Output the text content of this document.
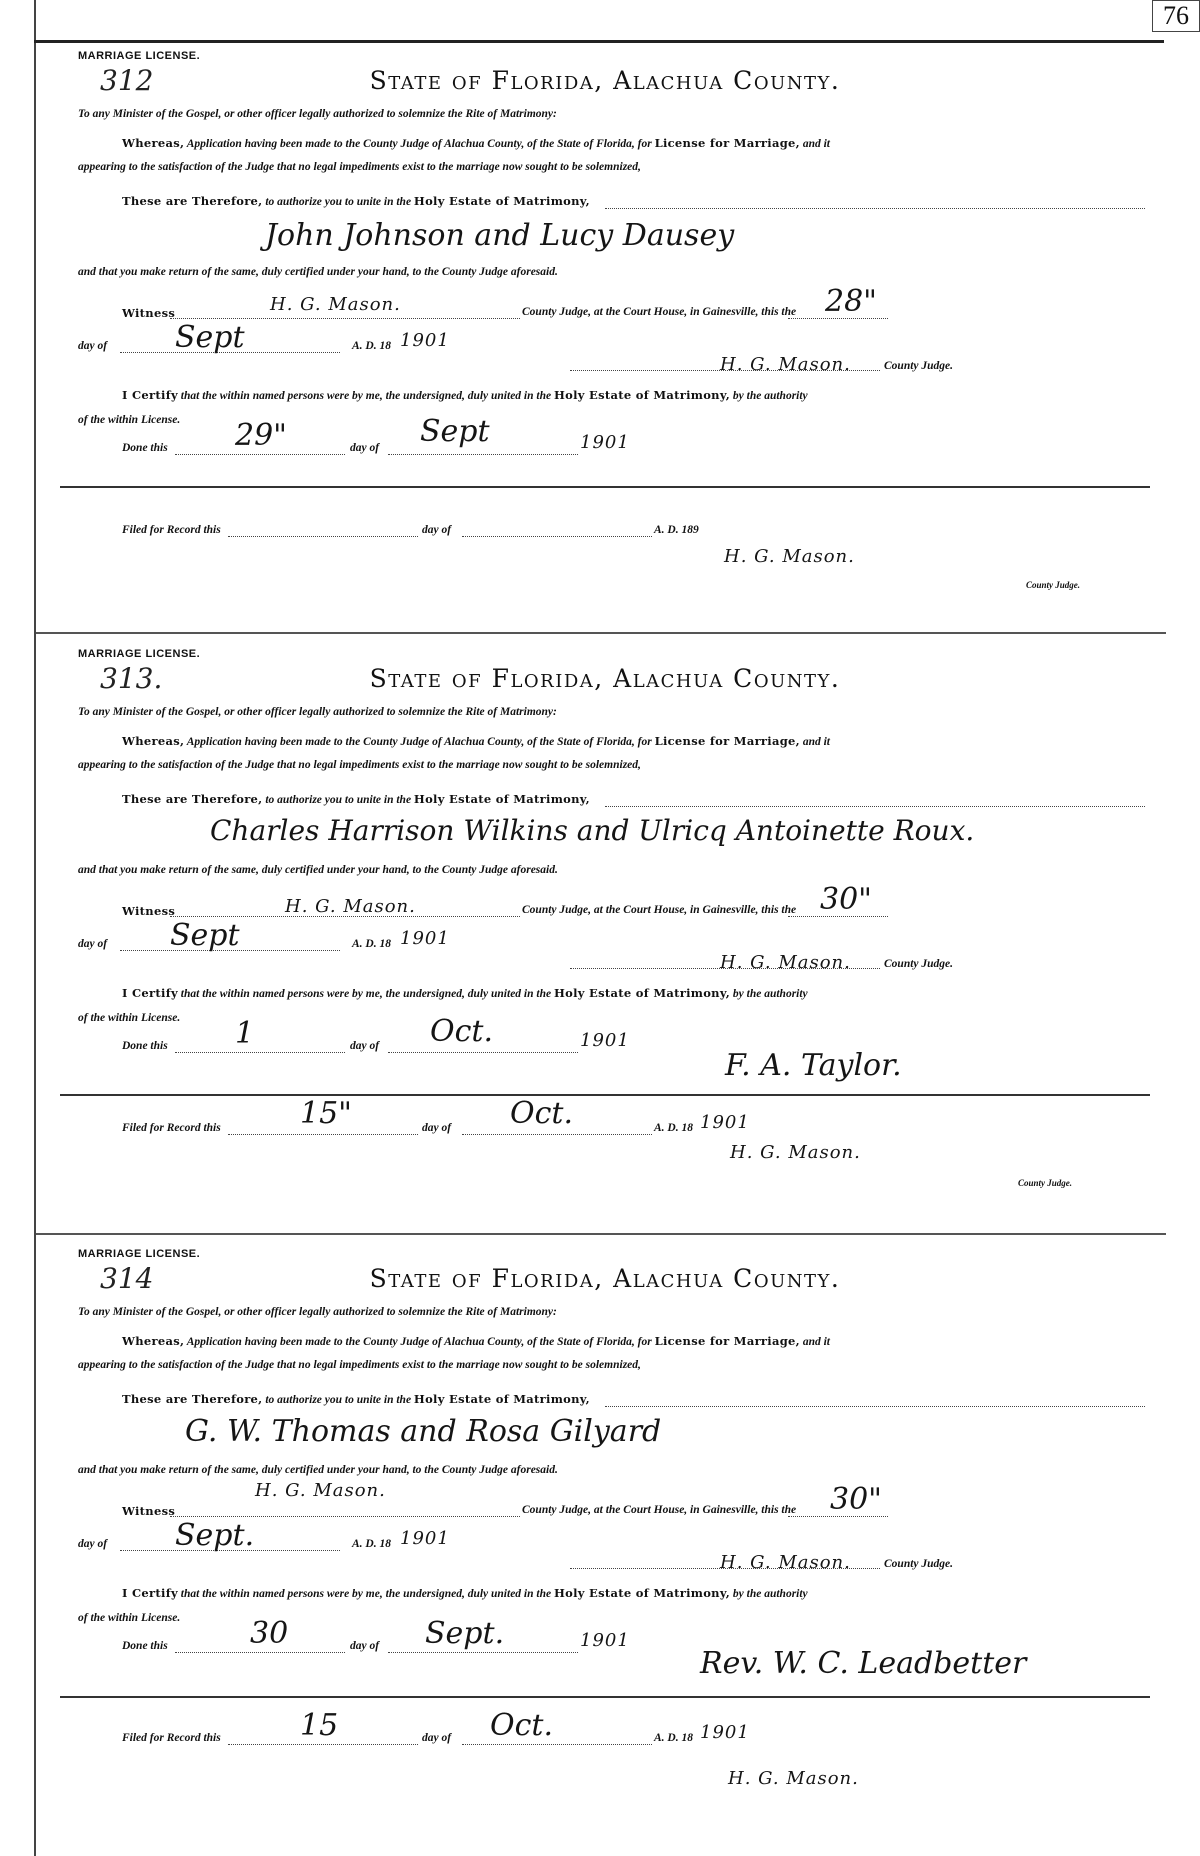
76
MARRIAGE LICENSE.
312	State of Florida, Alachua County.
To any Minister of the Gospel, or other officer legally authorized to solemnize the Rite of Matrimony:
Whereas, Application having been made to the County Judge of Alachua County, of the State of Florida, for License for Marriage, and it
appearing to the satisfaction of the Judge that no legal impediments exist to the marriage now sought to be solemnized,
These are Therefore, to authorize you to unite in the Holy Estate of Matrimony,
John Johnson and Lucy Dausey
and that you make return of the same, duly certified under your hand, to the County Judge aforesaid.
Witness	H. G. Mason.	County Judge, at the Court House, in Gainesville, this the 28"
day of Sept	A. D. 18 1901
H. G. Mason.	County Judge.
I Certify that the within named persons were by me, the undersigned, duly united in the Holy Estate of Matrimony, by the authority
of the within License.
Done this 29"	day of Sept	1901
Filed for Record this	day of	A. D. 189
H. G. Mason.
County Judge.
MARRIAGE LICENSE.
313.	State of Florida, Alachua County.
To any Minister of the Gospel, or other officer legally authorized to solemnize the Rite of Matrimony:
Whereas, Application having been made to the County Judge of Alachua County, of the State of Florida, for License for Marriage, and it
appearing to the satisfaction of the Judge that no legal impediments exist to the marriage now sought to be solemnized,
These are Therefore, to authorize you to unite in the Holy Estate of Matrimony,
Charles Harrison Wilkins and Ulricq Antoinette Roux.
and that you make return of the same, duly certified under your hand, to the County Judge aforesaid.
Witness	H. G. Mason.	County Judge, at the Court House, in Gainesville, this the 30"
day of Sept	A. D. 18 1901
H. G. Mason.	County Judge.
I Certify that the within named persons were by me, the undersigned, duly united in the Holy Estate of Matrimony, by the authority
of the within License.
Done this 1	day of Oct.	1901
F. A. Taylor.
Filed for Record this	15"	day of Oct.	A. D. 18 1901
H. G. Mason.
County Judge.
MARRIAGE LICENSE.
314	State of Florida, Alachua County.
To any Minister of the Gospel, or other officer legally authorized to solemnize the Rite of Matrimony:
Whereas, Application having been made to the County Judge of Alachua County, of the State of Florida, for License for Marriage, and it
appearing to the satisfaction of the Judge that no legal impediments exist to the marriage now sought to be solemnized,
These are Therefore, to authorize you to unite in the Holy Estate of Matrimony,
G. W. Thomas and Rosa Gilyard
and that you make return of the same, duly certified under your hand, to the County Judge aforesaid.
Witness
H. G. Mason.
County Judge, at the Court House, in Gainesville, this the 30"
day of Sept.	A. D. 18 1901
H. G. Mason.	County Judge.
I Certify that the within named persons were by me, the undersigned, duly united in the Holy Estate of Matrimony, by the authority
of the within License.
Done this	30	day of Sept.	1901
Rev. W. C. Leadbetter
Filed for Record this	15	day of Oct.	A. D. 18 1901
H. G. Mason.
